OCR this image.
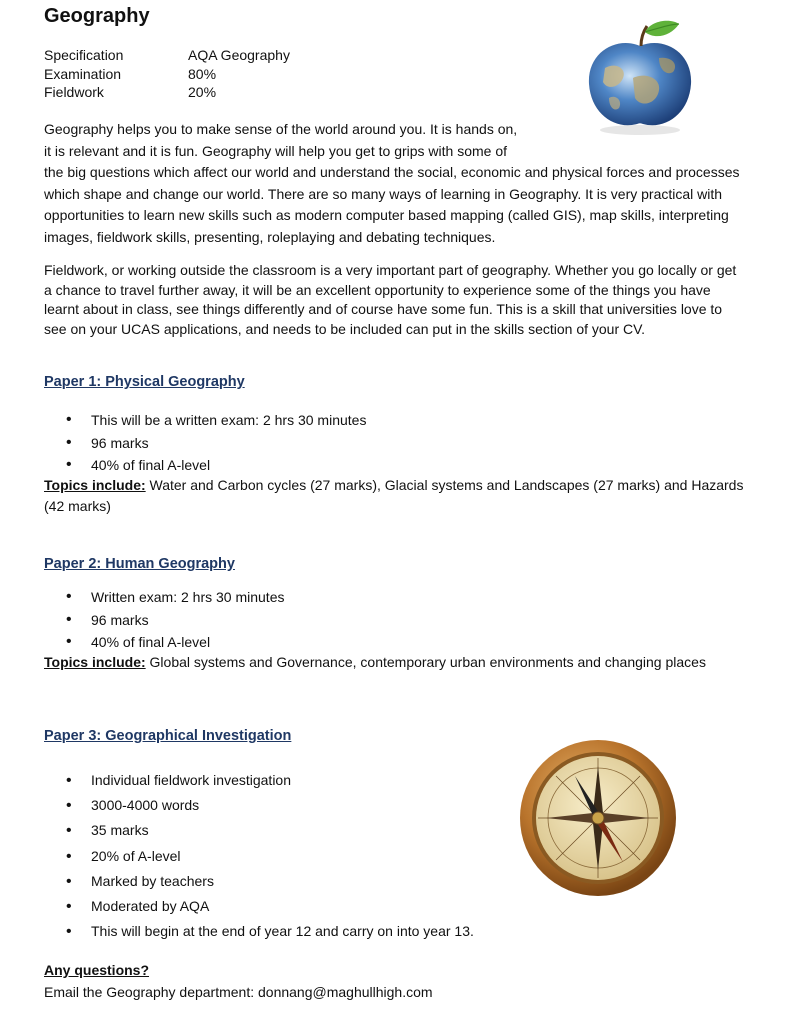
Geography
Specification	AQA Geography
Examination	80%
Fieldwork	20%

Geography helps you to make sense of the world around you. It is hands on,
it is relevant and it is fun. Geography will help you get to grips with some of
the big questions which affect our world and understand the social, economic and physical forces and processes which shape and change our world. There are so many ways of learning in Geography. It is very practical with opportunities to learn new skills such as modern computer based mapping (called GIS), map skills, interpreting images, fieldwork skills, presenting, roleplaying and debating techniques.

Fieldwork, or working outside the classroom is a very important part of geography. Whether you go locally or get a chance to travel further away, it will be an excellent opportunity to experience some of the things you have learnt about in class, see things differently and of course have some fun. This is a skill that universities love to see on your UCAS applications, and needs to be included can put in the skills section of your CV.

Paper 1: Physical Geography
• This will be a written exam: 2 hrs 30 minutes
• 96 marks
• 40% of final A-level
Topics include: Water and Carbon cycles (27 marks), Glacial systems and Landscapes (27 marks) and Hazards (42 marks)
Paper 2: Human Geography
• Written exam: 2 hrs 30 minutes
• 96 marks
• 40% of final A-level
Topics include: Global systems and Governance, contemporary urban environments and changing places
Paper 3: Geographical Investigation
• Individual fieldwork investigation
• 3000-4000 words
• 35 marks
• 20% of A-level
• Marked by teachers
• Moderated by AQA
• This will begin at the end of year 12 and carry on into year 13.
Any questions?
Email the Geography department: donnang@maghullhigh.com
